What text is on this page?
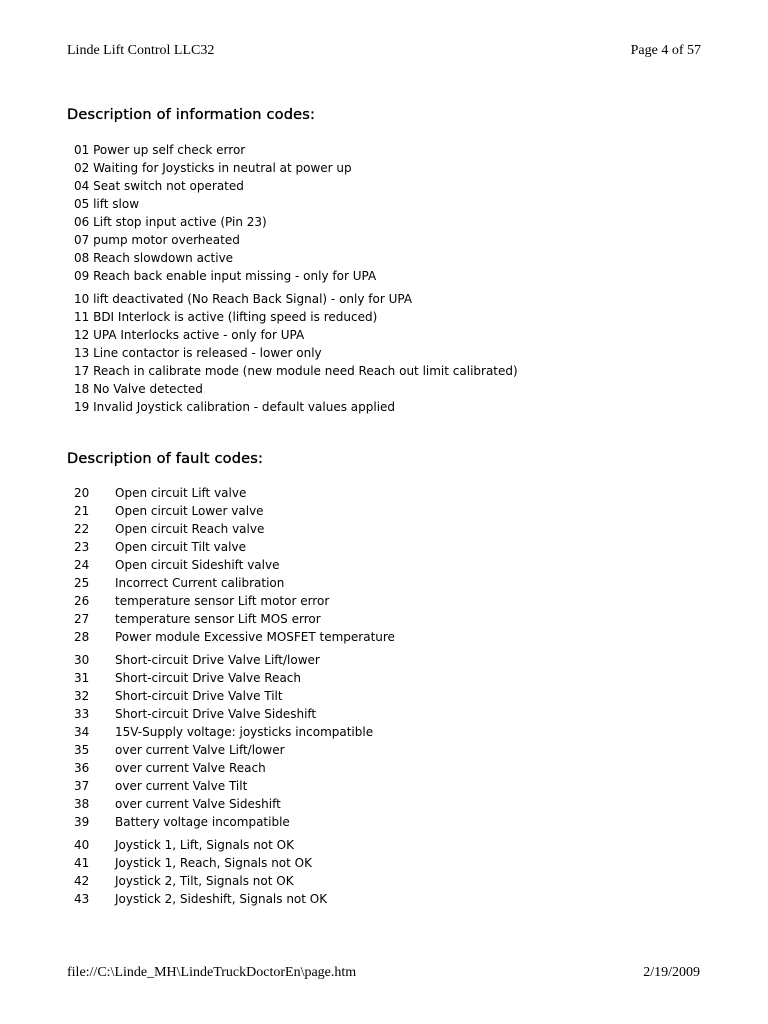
Linde Lift Control LLC32	Page 4 of 57
Description of information codes:
01 Power up self check error
02 Waiting for Joysticks in neutral at power up
04 Seat switch not operated
05 lift slow
06 Lift stop input active (Pin 23)
07 pump motor overheated
08 Reach slowdown active
09 Reach back enable input missing - only for UPA
10 lift deactivated (No Reach Back Signal) - only for UPA
11 BDI Interlock is active (lifting speed is reduced)
12 UPA Interlocks active - only for UPA
13 Line contactor is released - lower only
17 Reach in calibrate mode (new module need Reach out limit calibrated)
18 No Valve detected
19 Invalid Joystick calibration - default values applied
Description of fault codes:
20 Open circuit Lift valve
21 Open circuit Lower valve
22 Open circuit Reach valve
23 Open circuit Tilt valve
24 Open circuit Sideshift valve
25 Incorrect Current calibration
26 temperature sensor Lift motor error
27 temperature sensor Lift MOS error
28 Power module Excessive MOSFET temperature
30 Short-circuit Drive Valve Lift/lower
31 Short-circuit Drive Valve Reach
32 Short-circuit Drive Valve Tilt
33 Short-circuit Drive Valve Sideshift
34 15V-Supply voltage: joysticks incompatible
35 over current Valve Lift/lower
36 over current Valve Reach
37 over current Valve Tilt
38 over current Valve Sideshift
39 Battery voltage incompatible
40 Joystick 1, Lift, Signals not OK
41 Joystick 1, Reach, Signals not OK
42 Joystick 2, Tilt, Signals not OK
43 Joystick 2, Sideshift, Signals not OK
file://C:\Linde_MH\LindeTruckDoctorEn\page.htm	2/19/2009
